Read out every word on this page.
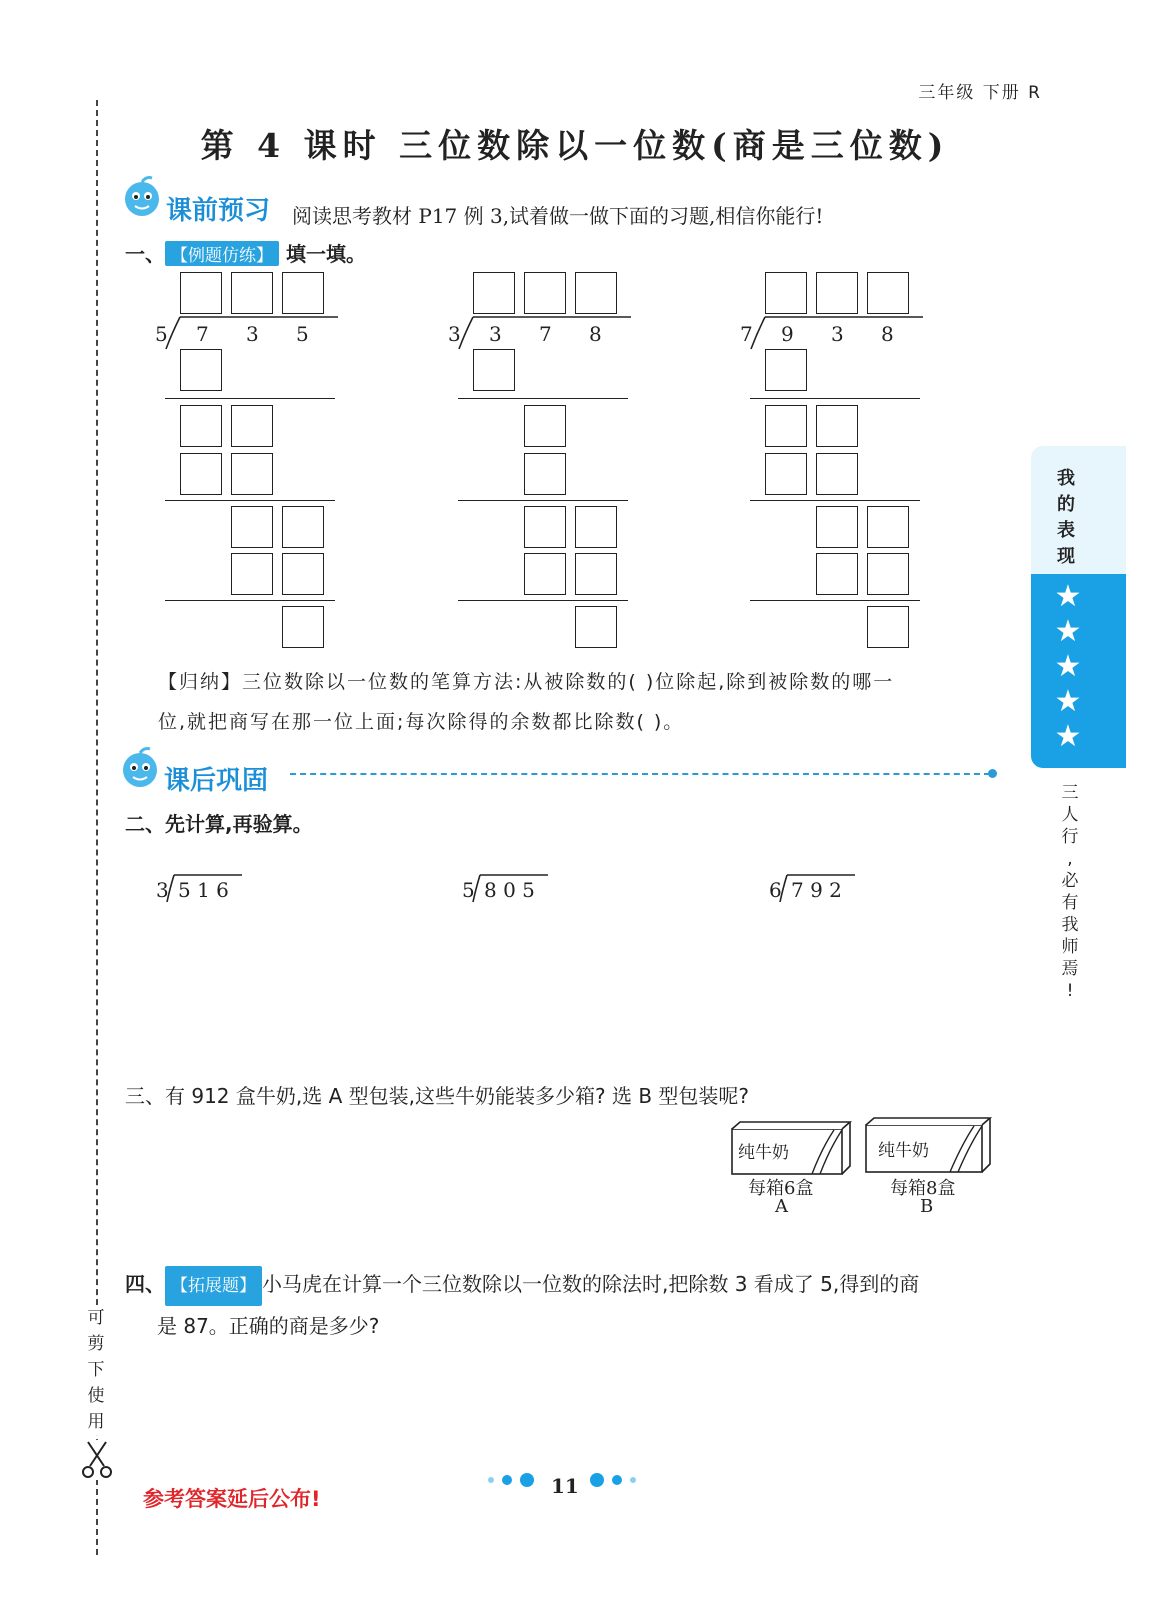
可
剪
下
使
用
三年级 下册 R
第 4 课时 三位数除以一位数(商是三位数)
课前预习 阅读思考教材 P17 例 3,试着做一做下面的习题,相信你能行!
一、 【例题仿练】 填一填。
5 7 3 5	3 3 7 8	7 9 3 8
【归纳】三位数除以一位数的笔算方法:从被除数的( )位除起,除到被除数的哪一
位,就把商写在那一位上面;每次除得的余数都比除数( )。
课后巩固
二、先计算,再验算。
3 5 1 6	5 8 0 5	6 7 9 2
三、有 912 盒牛奶,选 A 型包装,这些牛奶能装多少箱? 选 B 型包装呢?
纯牛奶
每箱6盒
A
纯牛奶
每箱8盒
B
四、 【拓展题】 小马虎在计算一个三位数除以一位数的除法时,把除数 3 看成了 5,得到的商
是 87。正确的商是多少?
我
的
表
现
★
★
★
★
★
三
人
行
,
必
有
我
师
焉
!
参考答案延后公布!
11
